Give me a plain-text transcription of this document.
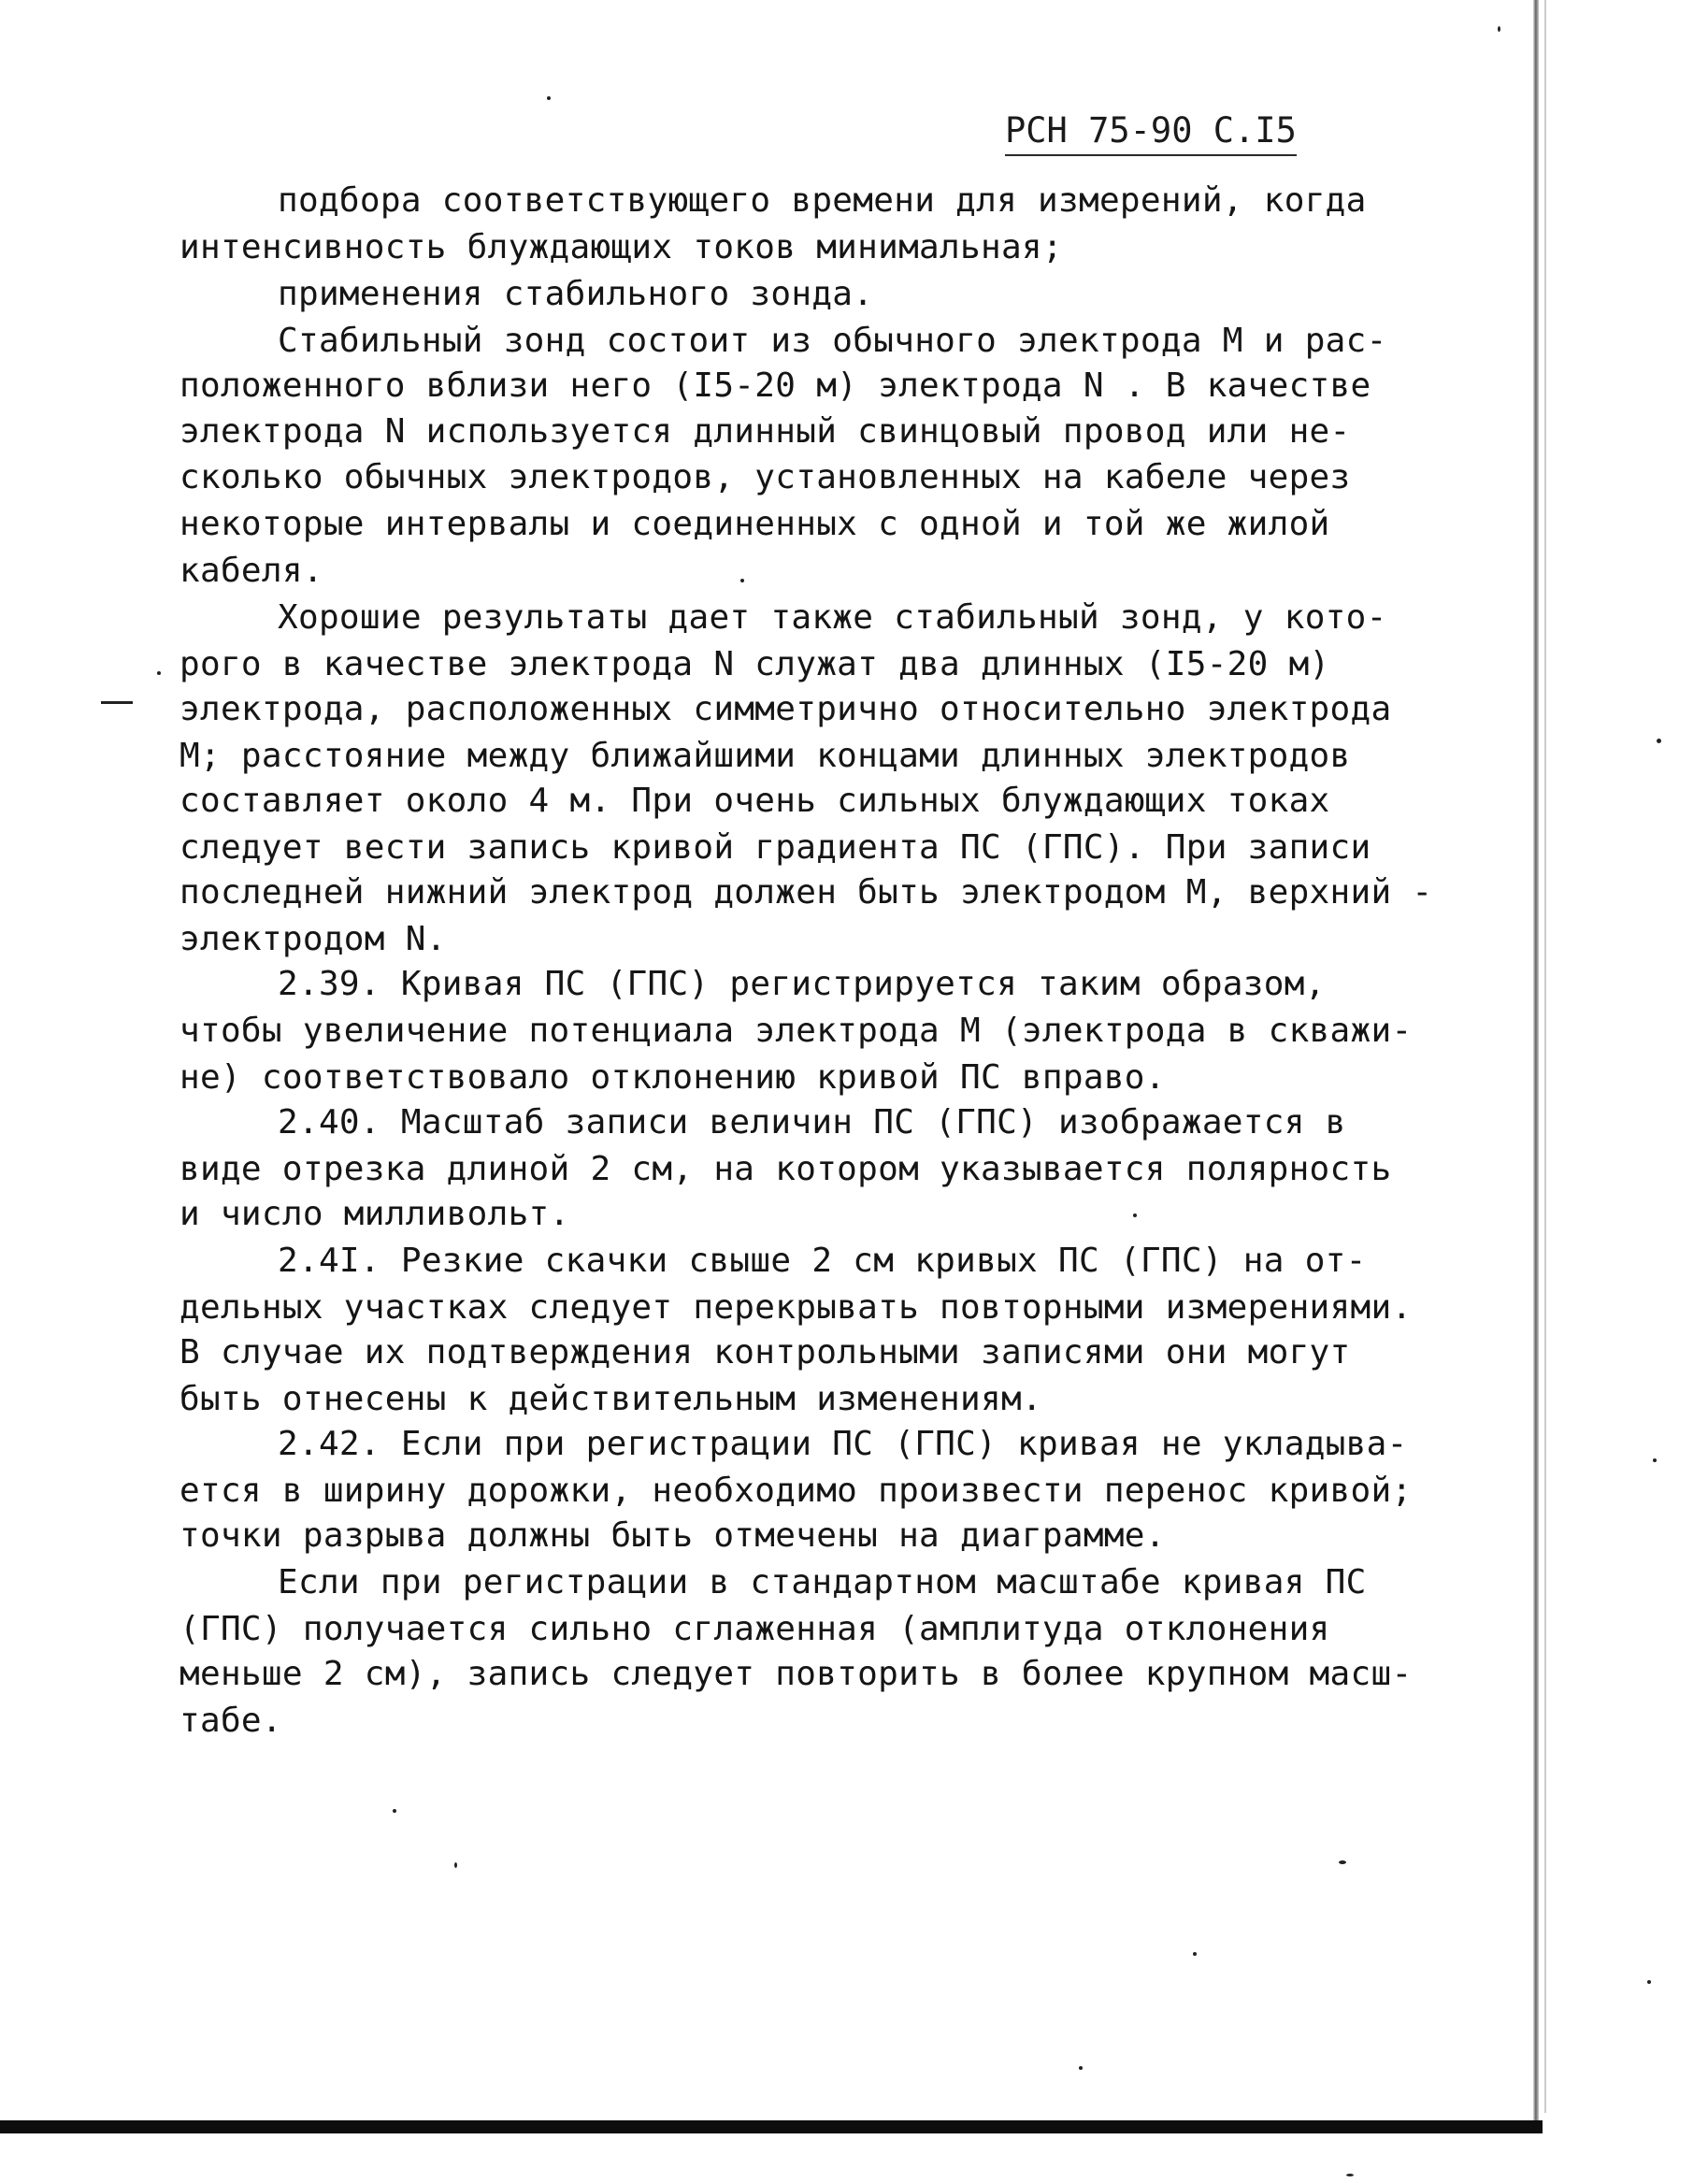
РСН 75-90 С.І5
подбора соответствующего времени для измерений, когда
интенсивность блуждающих токов минимальная;
применения стабильного зонда.
Стабильный зонд состоит из обычного электрода М и рас-
положенного вблизи него (І5-20 м) электрода N . В качестве
электрода N используется длинный свинцовый провод или не-
сколько обычных электродов, установленных на кабеле через
некоторые интервалы и соединенных с одной и той же жилой
кабеля.
Хорошие результаты дает также стабильный зонд, у кото-
рого в качестве электрода N служат два длинных (І5-20 м)
электрода, расположенных симметрично относительно электрода
М; расстояние между ближайшими концами длинных электродов
составляет около 4 м. При очень сильных блуждающих токах
следует вести запись кривой градиента ПС (ГПС). При записи
последней нижний электрод должен быть электродом М, верхний -
электродом N.
2.39. Кривая ПС (ГПС) регистрируется таким образом,
чтобы увеличение потенциала электрода М (электрода в скважи-
не) соответствовало отклонению кривой ПС вправо.
2.40. Масштаб записи величин ПС (ГПС) изображается в
виде отрезка длиной 2 см, на котором указывается полярность
и число милливольт.
2.4І. Резкие скачки свыше 2 см кривых ПС (ГПС) на от-
дельных участках следует перекрывать повторными измерениями.
В случае их подтверждения контрольными записями они могут
быть отнесены к действительным изменениям.
2.42. Если при регистрации ПС (ГПС) кривая не укладыва-
ется в ширину дорожки, необходимо произвести перенос кривой;
точки разрыва должны быть отмечены на диаграмме.
Если при регистрации в стандартном масштабе кривая ПС
(ГПС) получается сильно сглаженная (амплитуда отклонения
меньше 2 см), запись следует повторить в более крупном масш-
табе.
